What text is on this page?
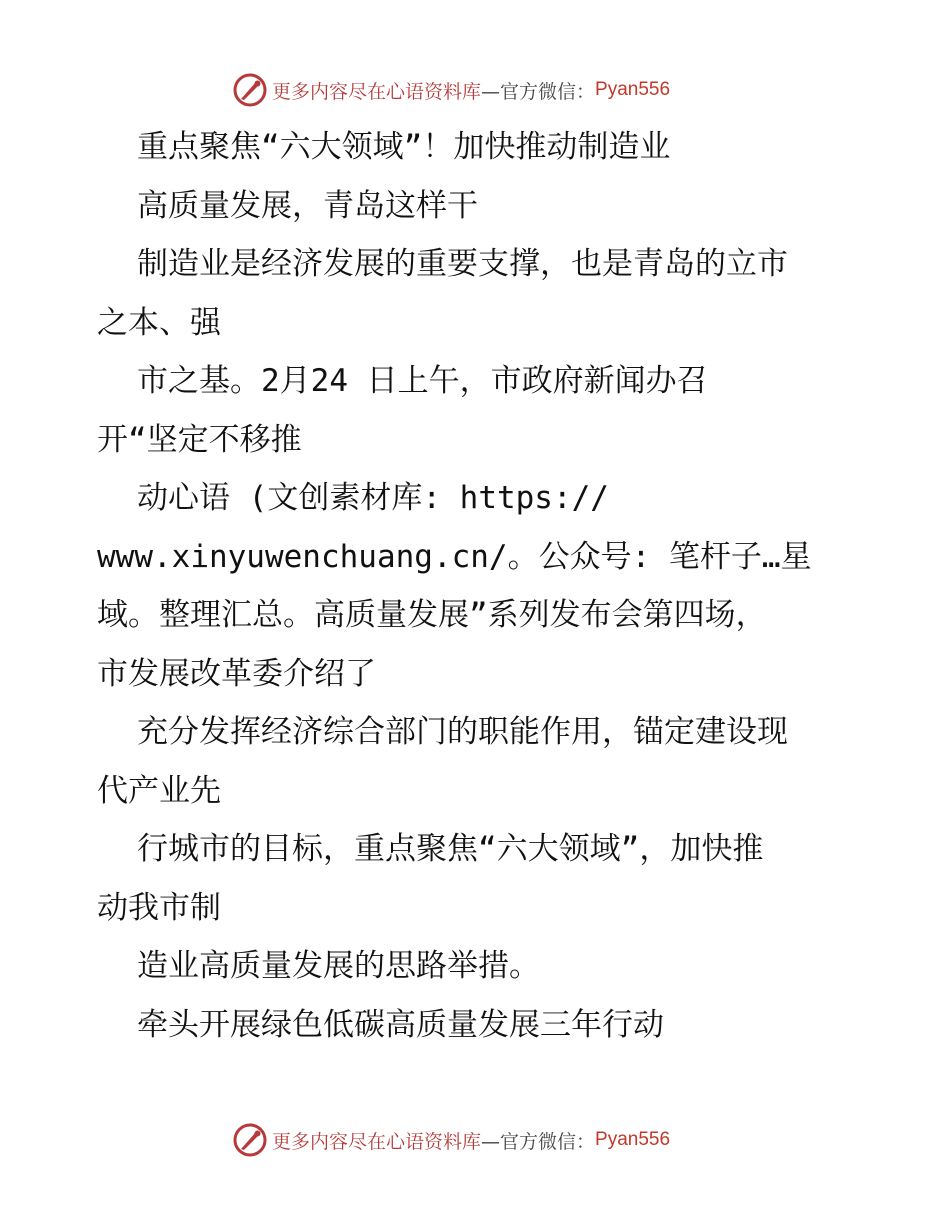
更多内容尽在心语资料库 —官方微信： Pyan556

重点聚焦“六大领域”！加快推动制造业

高质量发展，青岛这样干

制造业是经济发展的重要支撑，也是青岛的立市

之本、强

市之基。2月24 日上午，市政府新闻办召

开“坚定不移推

动心语 (文创素材库: https://

www.xinyuwenchuang.cn/。公众号: 笔杆子…星

域。整理汇总。高质量发展”系列发布会第四场，

市发展改革委介绍了

充分发挥经济综合部门的职能作用，锚定建设现

代产业先

行城市的目标，重点聚焦“六大领域”，加快推

动我市制

造业高质量发展的思路举措。

牵头开展绿色低碳高质量发展三年行动

更多内容尽在心语资料库 —官方微信： Pyan556
